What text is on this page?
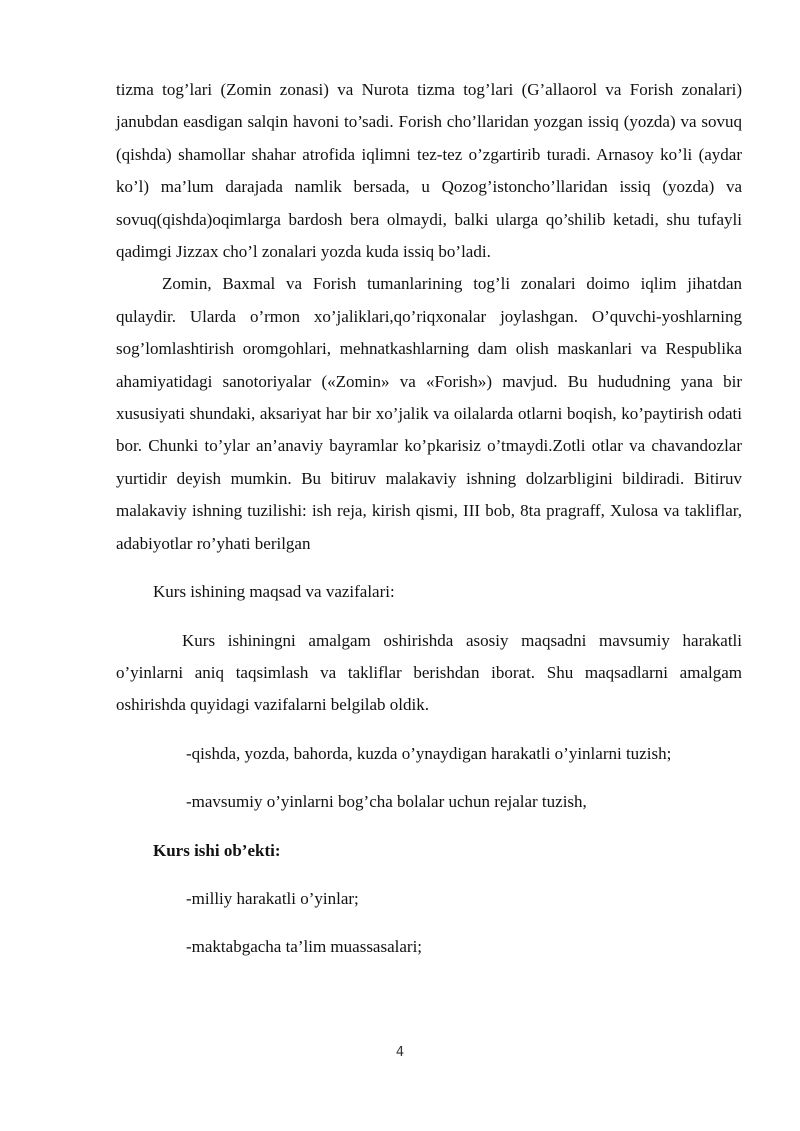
tizma tog’lari (Zomin zonasi) va Nurota tizma tog’lari (G’allaorol va Forish zonalari) janubdan easdigan salqin havoni to’sadi. Forish cho’llaridan yozgan issiq (yozda) va sovuq (qishda) shamollar shahar atrofida iqlimni tez-tez o’zgartirib turadi. Arnasoy ko’li (aydar ko’l) ma’lum darajada namlik bersada, u Qozog’istoncho’llaridan issiq (yozda) va sovuq(qishda)oqimlarga bardosh bera olmaydi, balki ularga qo’shilib ketadi, shu tufayli qadimgi Jizzax cho’l zonalari yozda kuda issiq bo’ladi.

Zomin, Baxmal va Forish tumanlarining tog’li zonalari doimo iqlim jihatdan qulaydir. Ularda o’rmon xo’jaliklari,qo’riqxonalar joylashgan. O’quvchi-yoshlarning sog’lomlashtirish oromgohlari, mehnatkashlarning dam olish maskanlari va Respublika ahamiyatidagi sanotoriyalar («Zomin» va «Forish») mavjud. Bu hududning yana bir xususiyati shundaki, aksariyat har bir xo’jalik va oilalarda otlarni boqish, ko’paytirish odati bor. Chunki to’ylar an’anaviy bayramlar ko’pkarisiz o’tmaydi.Zotli otlar va chavandozlar yurtidir deyish mumkin. Bu bitiruv malakaviy ishning dolzarbligini bildiradi. Bitiruv malakaviy ishning tuzilishi: ish reja, kirish qismi, III bob, 8ta pragraff, Xulosa va takliflar, adabiyotlar ro’yhati berilgan

Kurs ishining maqsad va vazifalari:

Kurs ishiningni amalgam oshirishda asosiy maqsadni mavsumiy harakatli o’yinlarni aniq taqsimlash va takliflar berishdan iborat. Shu maqsadlarni amalgam oshirishda quyidagi vazifalarni belgilab oldik.

-qishda, yozda, bahorda, kuzda o’ynaydigan harakatli o’yinlarni tuzish;

-mavsumiy o’yinlarni bog’cha bolalar uchun rejalar tuzish,

Kurs ishi ob’ekti:

-milliy harakatli o’yinlar;

-maktabgacha ta’lim muassasalari;

4
